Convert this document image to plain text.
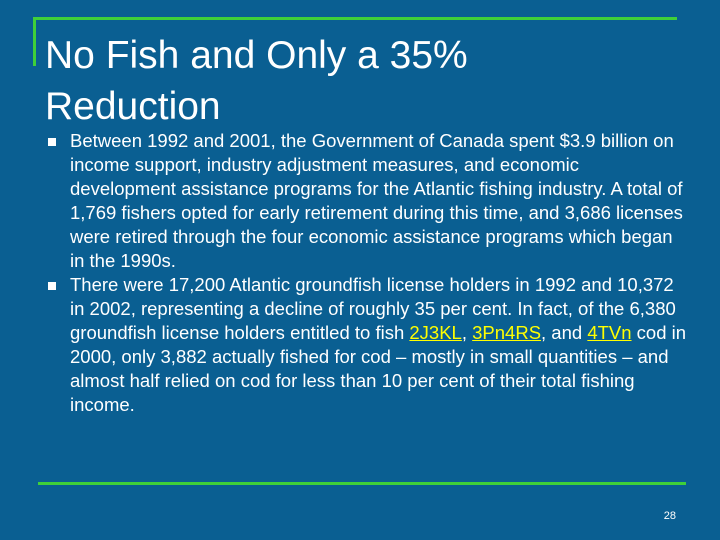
No Fish and Only a 35%
Reduction
Between 1992 and 2001, the Government of Canada spent $3.9 billion on income support, industry adjustment measures, and economic development assistance programs for the Atlantic fishing industry. A total of 1,769 fishers opted for early retirement during this time, and 3,686 licenses were retired through the four economic assistance programs which began in the 1990s.
There were 17,200 Atlantic groundfish license holders in 1992 and 10,372 in 2002, representing a decline of roughly 35 per cent. In fact, of the 6,380 groundfish license holders entitled to fish 2J3KL, 3Pn4RS, and 4TVn cod in 2000, only 3,882 actually fished for cod – mostly in small quantities – and almost half relied on cod for less than 10 per cent of their total fishing income.
28
